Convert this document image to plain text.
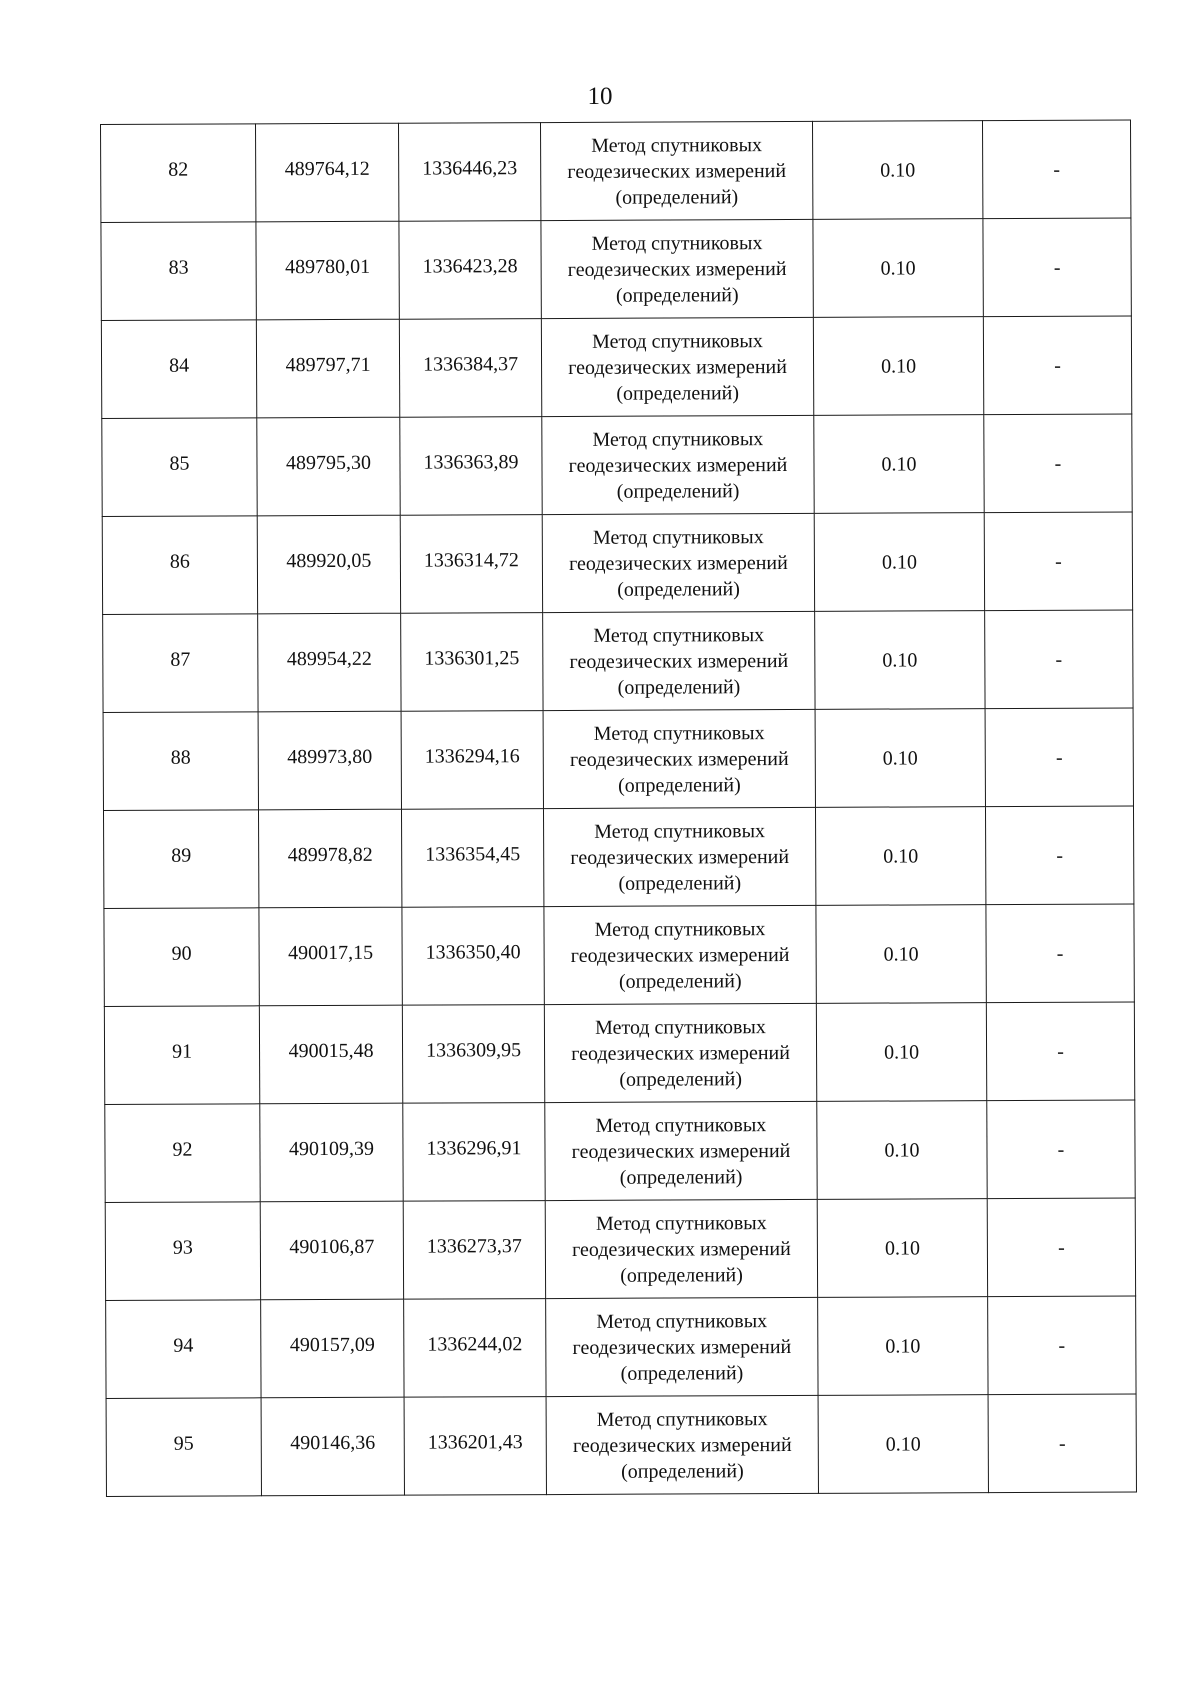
10
82	489764,12	1336446,23	Метод спутниковых
геодезических измерений
(определений)	0.10	-
83	489780,01	1336423,28	Метод спутниковых
геодезических измерений
(определений)	0.10	-
84	489797,71	1336384,37	Метод спутниковых
геодезических измерений
(определений)	0.10	-
85	489795,30	1336363,89	Метод спутниковых
геодезических измерений
(определений)	0.10	-
86	489920,05	1336314,72	Метод спутниковых
геодезических измерений
(определений)	0.10	-
87	489954,22	1336301,25	Метод спутниковых
геодезических измерений
(определений)	0.10	-
88	489973,80	1336294,16	Метод спутниковых
геодезических измерений
(определений)	0.10	-
89	489978,82	1336354,45	Метод спутниковых
геодезических измерений
(определений)	0.10	-
90	490017,15	1336350,40	Метод спутниковых
геодезических измерений
(определений)	0.10	-
91	490015,48	1336309,95	Метод спутниковых
геодезических измерений
(определений)	0.10	-
92	490109,39	1336296,91	Метод спутниковых
геодезических измерений
(определений)	0.10	-
93	490106,87	1336273,37	Метод спутниковых
геодезических измерений
(определений)	0.10	-
94	490157,09	1336244,02	Метод спутниковых
геодезических измерений
(определений)	0.10	-
95	490146,36	1336201,43	Метод спутниковых
геодезических измерений
(определений)	0.10	-
